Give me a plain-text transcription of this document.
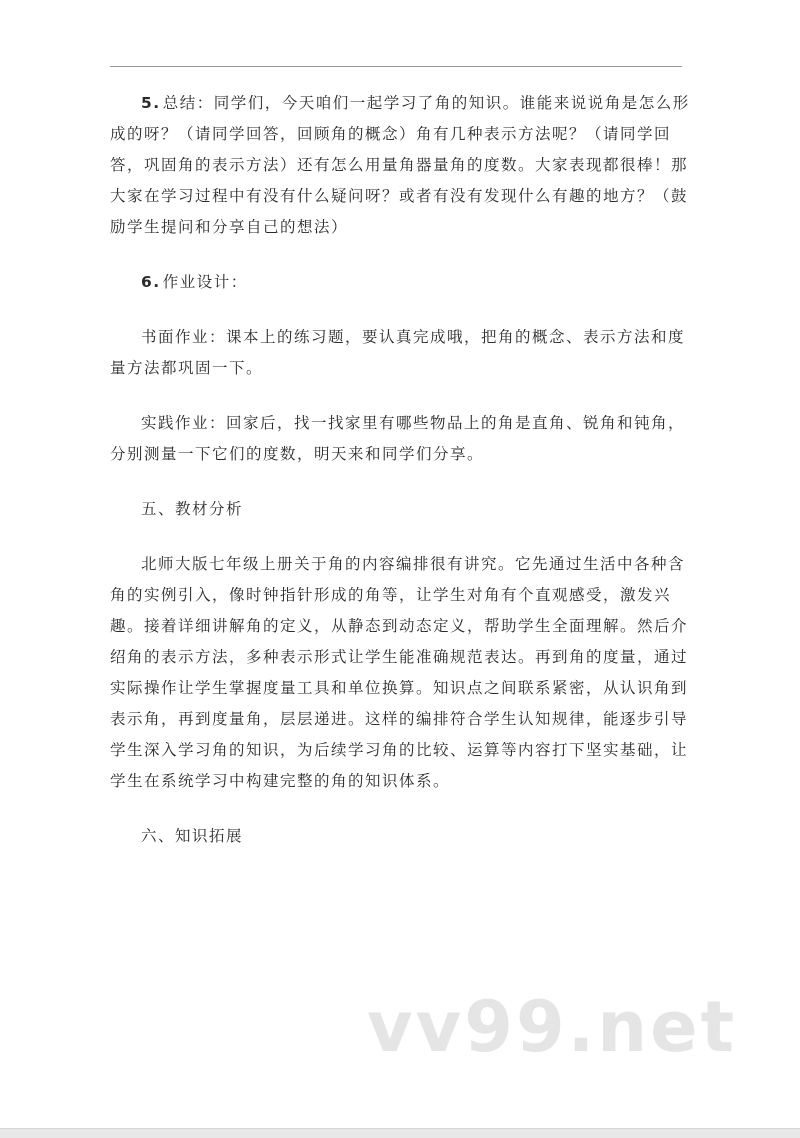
5. 总结：同学们，今天咱们一起学习了角的知识。谁能来说说角是怎么形成的呀？（请同学回答，回顾角的概念）角有几种表示方法呢？（请同学回答，巩固角的表示方法）还有怎么用量角器量角的度数。大家表现都很棒！那大家在学习过程中有没有什么疑问呀？或者有没有发现什么有趣的地方？（鼓励学生提问和分享自己的想法）

6. 作业设计：

书面作业：课本上的练习题，要认真完成哦，把角的概念、表示方法和度量方法都巩固一下。

实践作业：回家后，找一找家里有哪些物品上的角是直角、锐角和钝角，分别测量一下它们的度数，明天来和同学们分享。

五、教材分析

北师大版七年级上册关于角的内容编排很有讲究。它先通过生活中各种含角的实例引入，像时钟指针形成的角等，让学生对角有个直观感受，激发兴趣。接着详细讲解角的定义，从静态到动态定义，帮助学生全面理解。然后介绍角的表示方法，多种表示形式让学生能准确规范表达。再到角的度量，通过实际操作让学生掌握度量工具和单位换算。知识点之间联系紧密，从认识角到表示角，再到度量角，层层递进。这样的编排符合学生认知规律，能逐步引导学生深入学习角的知识，为后续学习角的比较、运算等内容打下坚实基础，让学生在系统学习中构建完整的角的知识体系。

六、知识拓展

vv99.net
